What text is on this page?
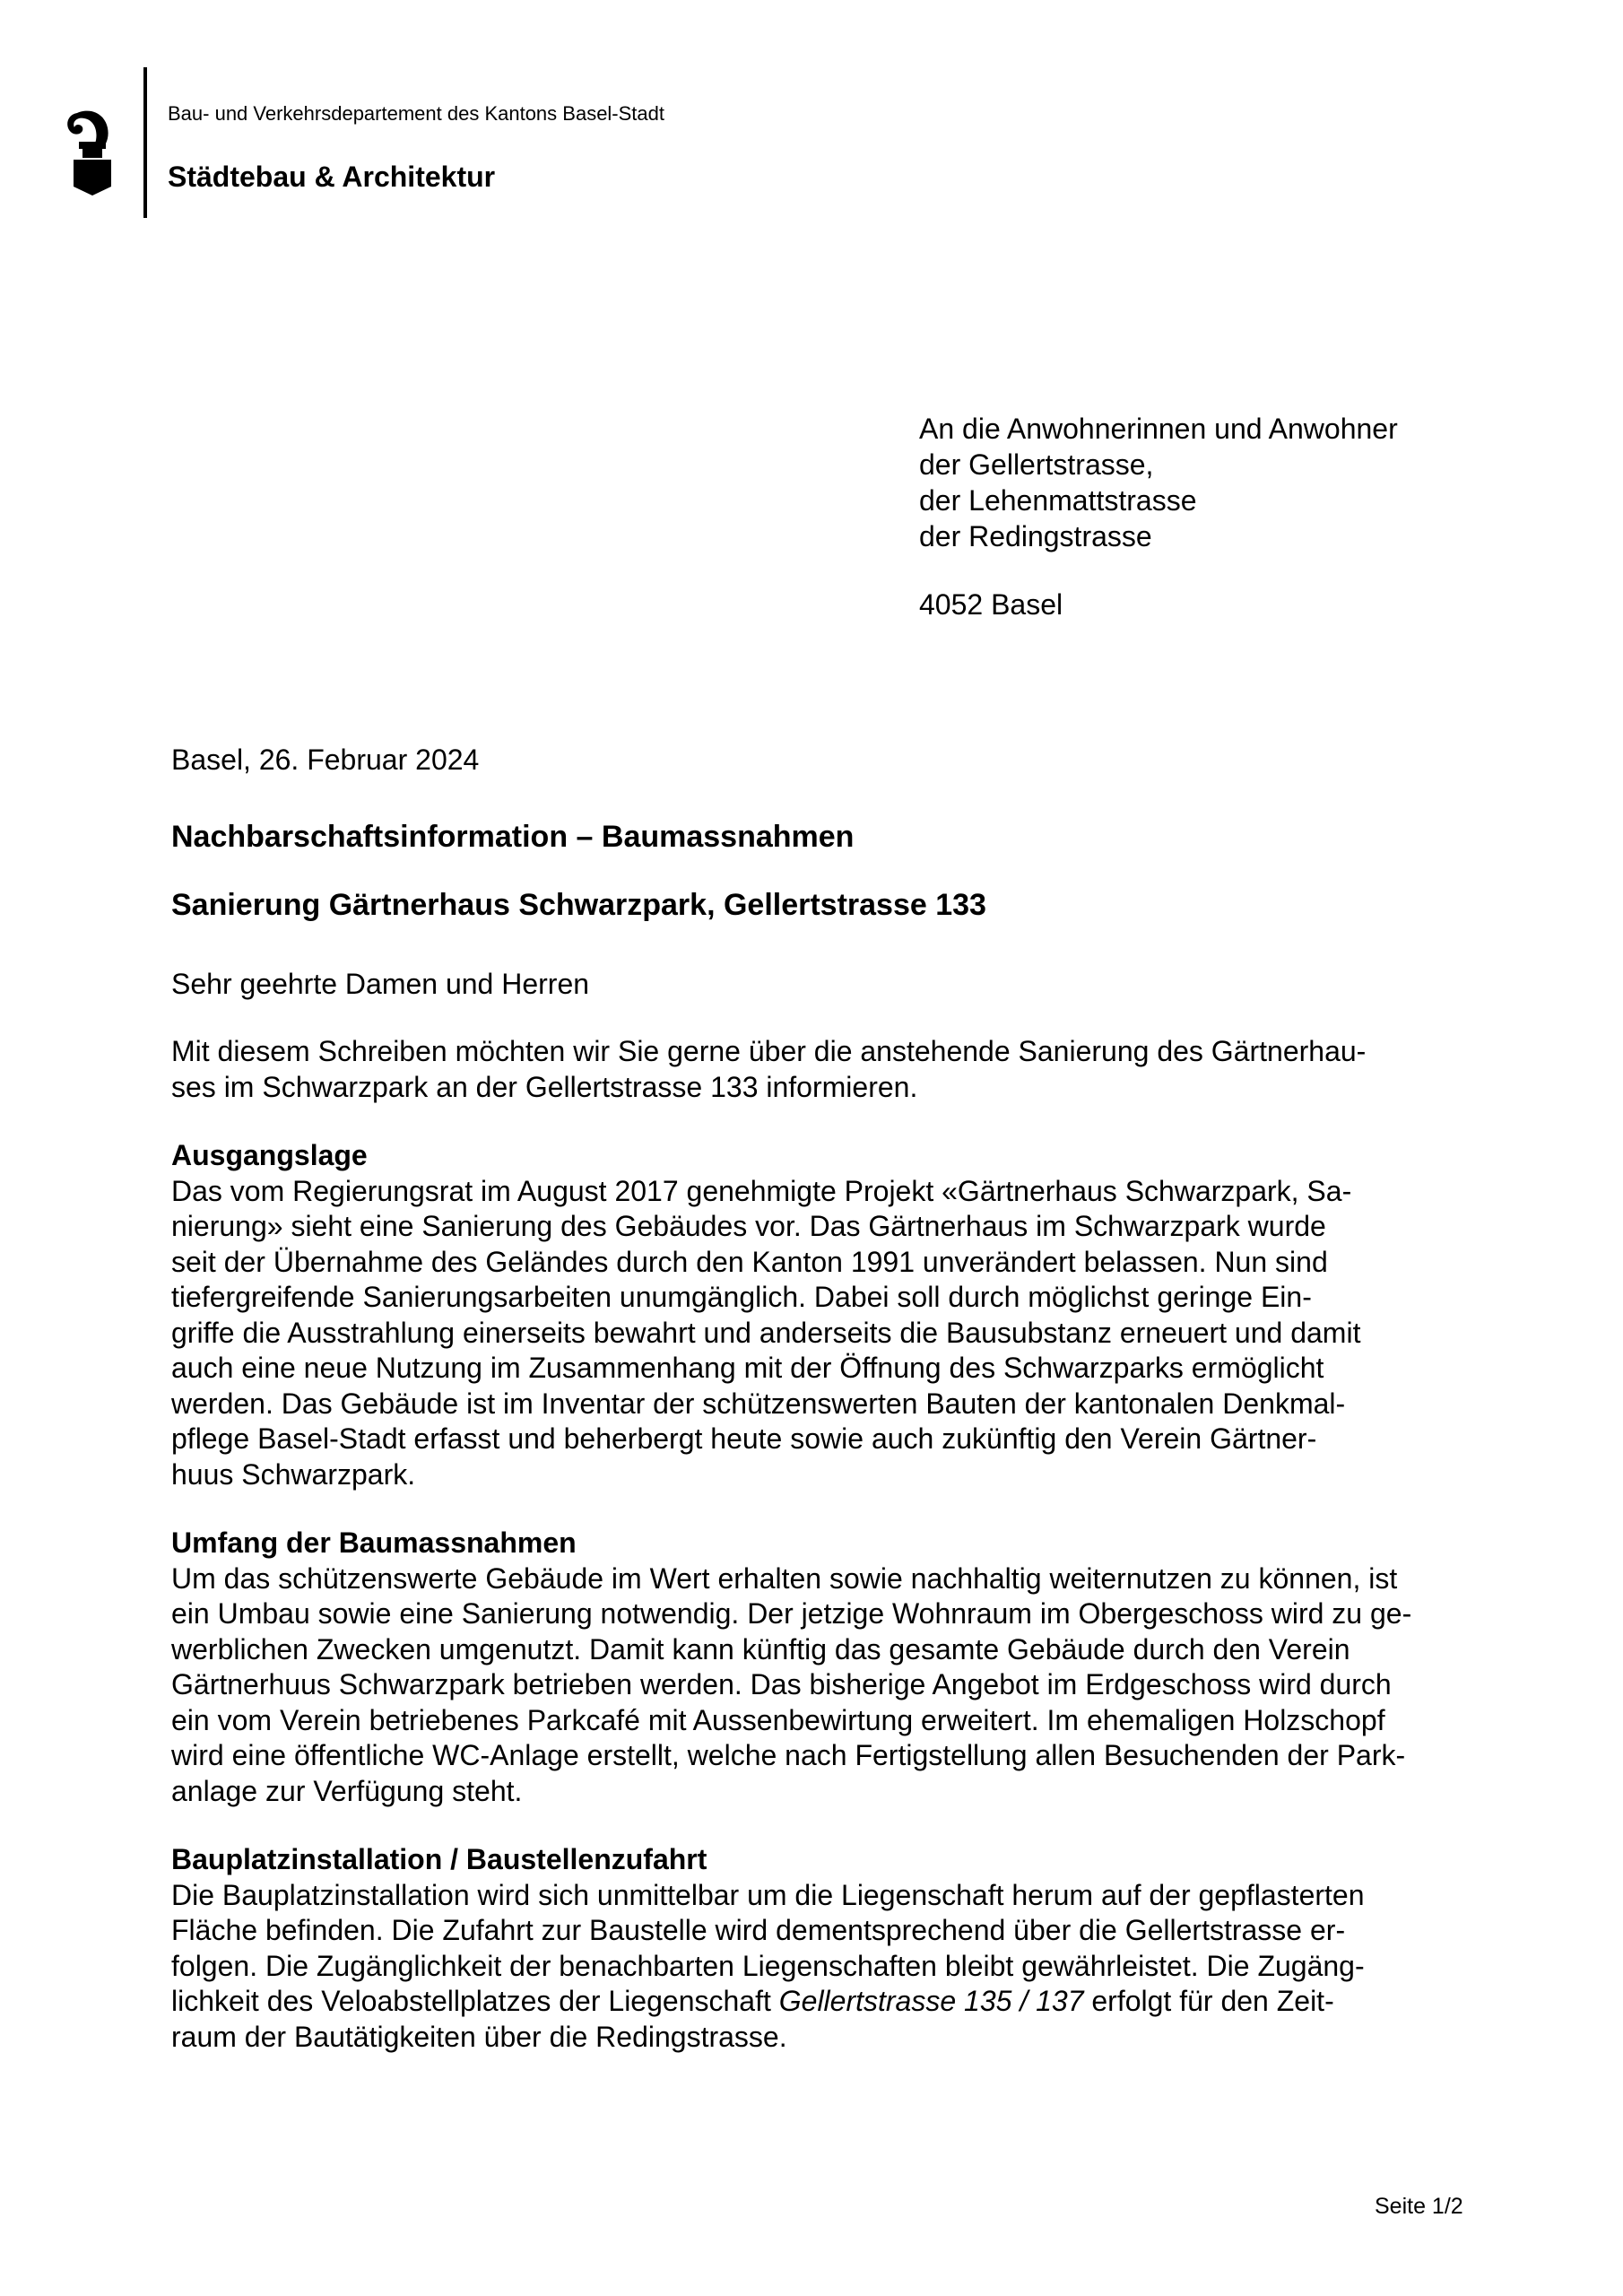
Bau- und Verkehrsdepartement des Kantons Basel-Stadt
Städtebau & Architektur
An die Anwohnerinnen und Anwohner
der Gellertstrasse,
der Lehenmattstrasse
der Redingstrasse
4052 Basel
Basel, 26. Februar 2024
Nachbarschaftsinformation – Baumassnahmen
Sanierung Gärtnerhaus Schwarzpark, Gellertstrasse 133
Sehr geehrte Damen und Herren

Mit diesem Schreiben möchten wir Sie gerne über die anstehende Sanierung des Gärtnerhau-
ses im Schwarzpark an der Gellertstrasse 133 informieren.

Ausgangslage

Das vom Regierungsrat im August 2017 genehmigte Projekt «Gärtnerhaus Schwarzpark, Sa-
nierung» sieht eine Sanierung des Gebäudes vor. Das Gärtnerhaus im Schwarzpark wurde
seit der Übernahme des Geländes durch den Kanton 1991 unverändert belassen. Nun sind
tiefergreifende Sanierungsarbeiten unumgänglich. Dabei soll durch möglichst geringe Ein-
griffe die Ausstrahlung einerseits bewahrt und anderseits die Bausubstanz erneuert und damit
auch eine neue Nutzung im Zusammenhang mit der Öffnung des Schwarzparks ermöglicht
werden. Das Gebäude ist im Inventar der schützenswerten Bauten der kantonalen Denkmal-
pflege Basel-Stadt erfasst und beherbergt heute sowie auch zukünftig den Verein Gärtner-
huus Schwarzpark.

Umfang der Baumassnahmen

Um das schützenswerte Gebäude im Wert erhalten sowie nachhaltig weiternutzen zu können, ist
ein Umbau sowie eine Sanierung notwendig. Der jetzige Wohnraum im Obergeschoss wird zu ge-
werblichen Zwecken umgenutzt. Damit kann künftig das gesamte Gebäude durch den Verein
Gärtnerhuus Schwarzpark betrieben werden. Das bisherige Angebot im Erdgeschoss wird durch
ein vom Verein betriebenes Parkcafé mit Aussenbewirtung erweitert. Im ehemaligen Holzschopf
wird eine öffentliche WC-Anlage erstellt, welche nach Fertigstellung allen Besuchenden der Park-
anlage zur Verfügung steht.

Bauplatzinstallation / Baustellenzufahrt

Die Bauplatzinstallation wird sich unmittelbar um die Liegenschaft herum auf der gepflasterten
Fläche befinden. Die Zufahrt zur Baustelle wird dementsprechend über die Gellertstrasse er-
folgen. Die Zugänglichkeit der benachbarten Liegenschaften bleibt gewährleistet. Die Zugäng-
lichkeit des Veloabstellplatzes der Liegenschaft Gellertstrasse 135 / 137 erfolgt für den Zeit-
raum der Bautätigkeiten über die Redingstrasse.

Seite 1/2
